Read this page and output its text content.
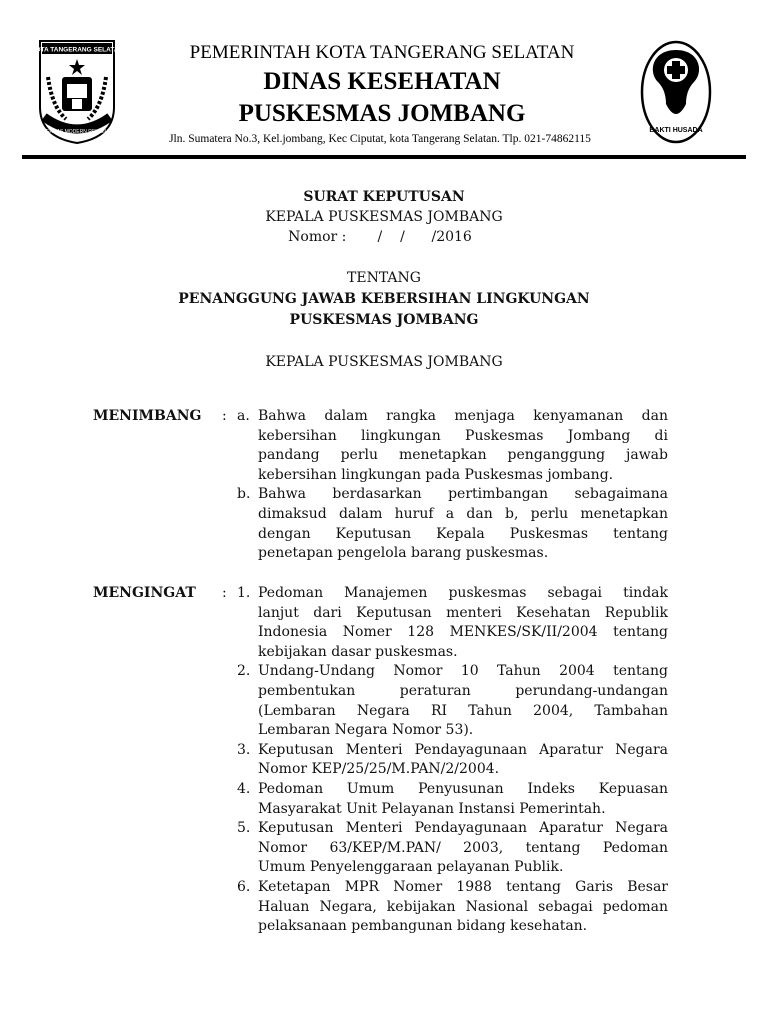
KOTA TANGERANG SELATAN
CERDAS MODERN RELIGIUS
PEMERINTAH KOTA TANGERANG SELATAN
DINAS KESEHATAN
PUSKESMAS JOMBANG
Jln. Sumatera No.3, Kel.jombang, Kec Ciputat, kota Tangerang Selatan. Tlp. 021-74862115
BAKTI HUSADA
SURAT KEPUTUSAN
KEPALA PUSKESMAS JOMBANG
Nomor :       /    /      /2016
TENTANG
PENANGGUNG JAWAB KEBERSIHAN LINGKUNGAN
PUSKESMAS JOMBANG
KEPALA PUSKESMAS JOMBANG
MENIMBANG : a. Bahwa dalam rangka menjaga kenyamanan dan
kebersihan lingkungan Puskesmas Jombang di
pandang perlu menetapkan penganggung jawab
kebersihan lingkungan pada Puskesmas jombang.
b. Bahwa berdasarkan pertimbangan sebagaimana
dimaksud dalam huruf a dan b, perlu menetapkan
dengan Keputusan Kepala Puskesmas tentang
penetapan pengelola barang puskesmas.
MENGINGAT : 1. Pedoman Manajemen puskesmas sebagai tindak
lanjut dari Keputusan menteri Kesehatan Republik
Indonesia Nomer 128 MENKES/SK/II/2004 tentang
kebijakan dasar puskesmas.
2. Undang-Undang Nomor 10 Tahun 2004 tentang
pembentukan peraturan perundang-undangan
(Lembaran Negara RI Tahun 2004, Tambahan
Lembaran Negara Nomor 53).
3. Keputusan Menteri Pendayagunaan Aparatur Negara
Nomor KEP/25/25/M.PAN/2/2004.
4. Pedoman Umum Penyusunan Indeks Kepuasan
Masyarakat Unit Pelayanan Instansi Pemerintah.
5. Keputusan Menteri Pendayagunaan Aparatur Negara
Nomor 63/KEP/M.PAN/ 2003, tentang Pedoman
Umum Penyelenggaraan pelayanan Publik.
6. Ketetapan MPR Nomer 1988 tentang Garis Besar
Haluan Negara, kebijakan Nasional sebagai pedoman
pelaksanaan pembangunan bidang kesehatan.
